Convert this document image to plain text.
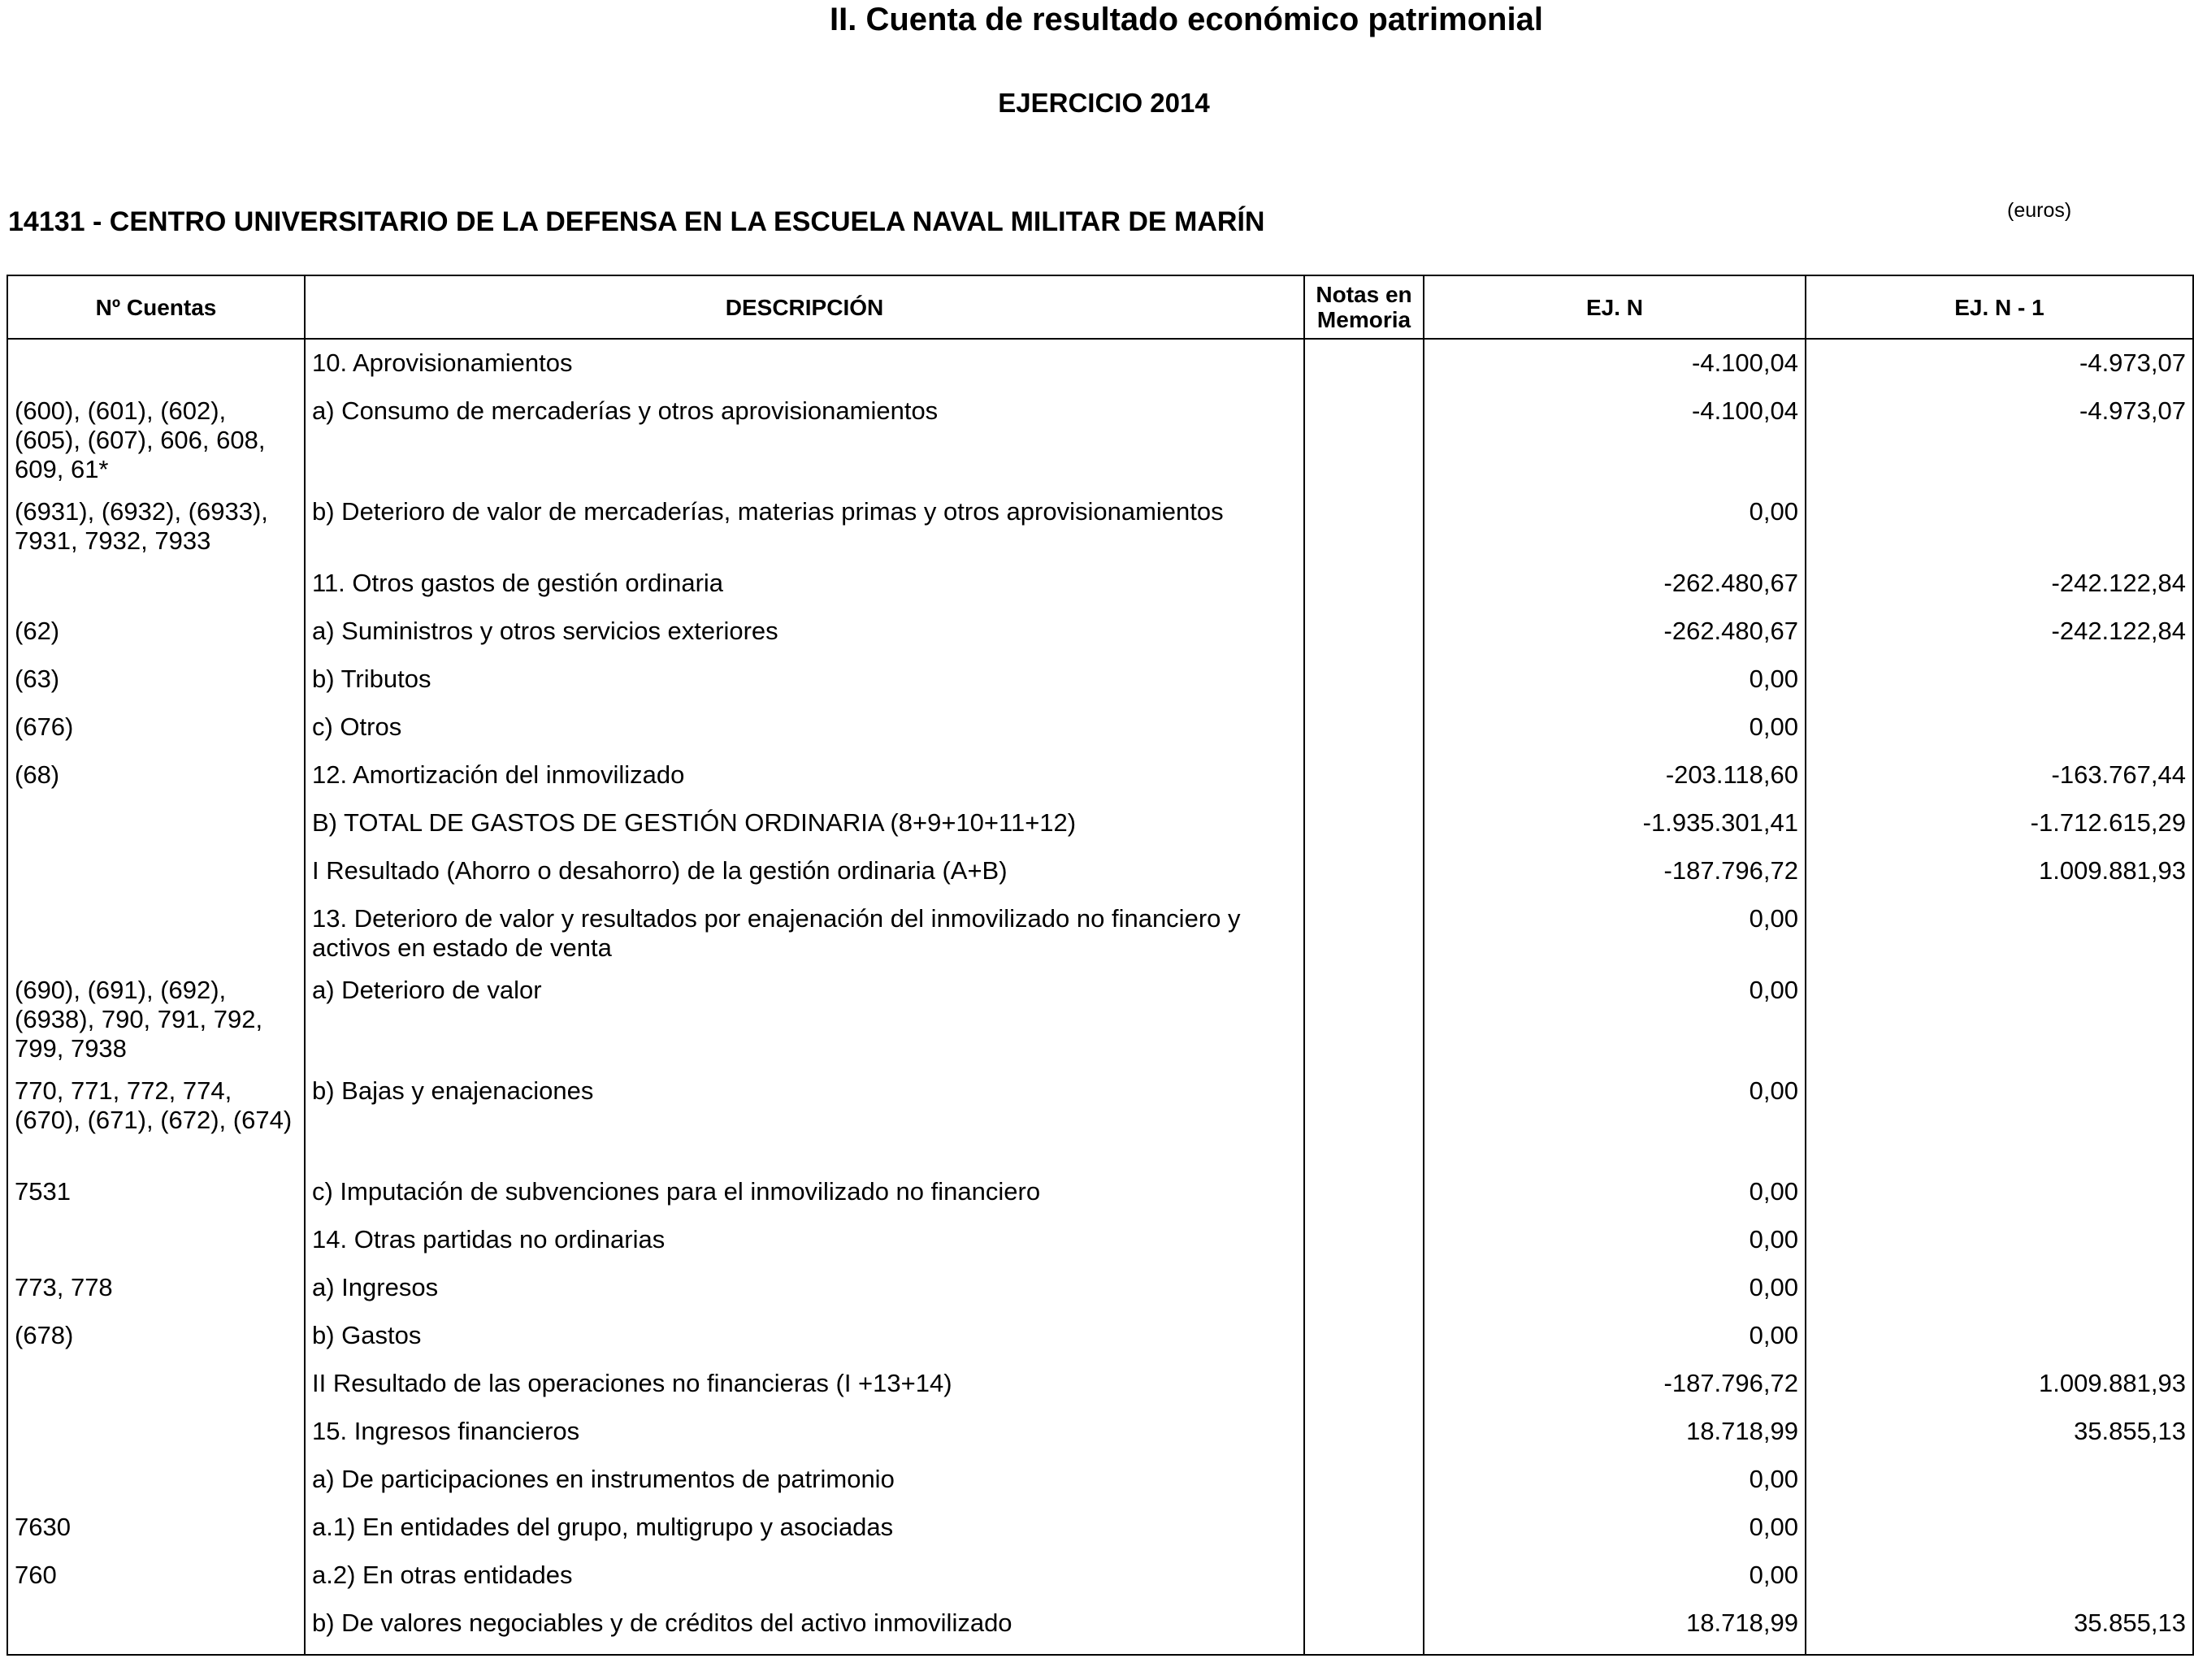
II. Cuenta de resultado económico patrimonial
EJERCICIO 2014
14131 - CENTRO UNIVERSITARIO DE LA DEFENSA EN LA ESCUELA NAVAL MILITAR DE MARÍN	(euros)
Nº Cuentas	DESCRIPCIÓN	Notas en Memoria	EJ. N	EJ. N - 1

	10. Aprovisionamientos		-4.100,04	-4.973,07
(600), (601), (602), (605), (607), 606, 608, 609, 61*	a) Consumo de mercaderías y otros aprovisionamientos		-4.100,04	-4.973,07
(6931), (6932), (6933), 7931, 7932, 7933	b) Deterioro de valor de mercaderías, materias primas y otros aprovisionamientos		0,00	
	11. Otros gastos de gestión ordinaria		-262.480,67	-242.122,84
(62)	a) Suministros y otros servicios exteriores		-262.480,67	-242.122,84
(63)	b) Tributos		0,00	
(676)	c) Otros		0,00	
(68)	12. Amortización del inmovilizado		-203.118,60	-163.767,44
	B) TOTAL DE GASTOS DE GESTIÓN ORDINARIA (8+9+10+11+12)		-1.935.301,41	-1.712.615,29
	I Resultado (Ahorro o desahorro) de la gestión ordinaria (A+B)		-187.796,72	1.009.881,93
	13. Deterioro de valor y resultados por enajenación del inmovilizado no financiero y activos en estado de venta		0,00	
(690), (691), (692), (6938), 790, 791, 792, 799, 7938	a) Deterioro de valor		0,00	
770, 771, 772, 774, (670), (671), (672), (674)	b) Bajas y enajenaciones		0,00	
7531	c) Imputación de subvenciones para el inmovilizado no financiero		0,00	
	14. Otras partidas no ordinarias		0,00	
773, 778	a) Ingresos		0,00	
(678)	b) Gastos		0,00	
	II Resultado de las operaciones no financieras (I +13+14)		-187.796,72	1.009.881,93
	15. Ingresos financieros		18.718,99	35.855,13
	a) De participaciones en instrumentos de patrimonio		0,00	
7630	a.1) En entidades del grupo, multigrupo y asociadas		0,00	
760	a.2) En otras entidades		0,00	
	b) De valores negociables y de créditos del activo inmovilizado		18.718,99	35.855,13
